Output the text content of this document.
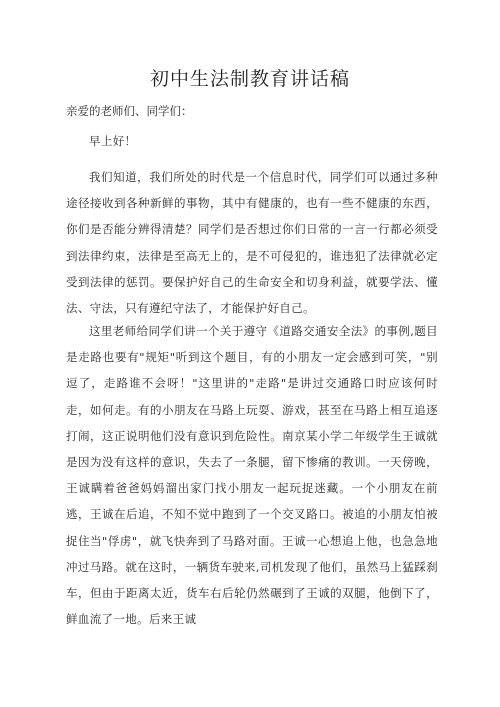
初中生法制教育讲话稿

亲爱的老师们、同学们：

早上好！

我们知道，我们所处的时代是一个信息时代，同学们可以通过多种途径接收到各种新鲜的事物，其中有健康的，也有一些不健康的东西，你们是否能分辨得清楚？同学们是否想过你们日常的一言一行都必须受到法律约束，法律是至高无上的，是不可侵犯的，谁违犯了法律就必定受到法律的惩罚。要保护好自己的生命安全和切身利益，就要学法、懂法、守法，只有遵纪守法了，才能保护好自己。

这里老师给同学们讲一个关于遵守《道路交通安全法》的事例,题目是走路也要有"规矩"听到这个题目，有的小朋友一定会感到可笑，"别逗了，走路谁不会呀！"这里讲的"走路"是讲过交通路口时应该何时走，如何走。有的小朋友在马路上玩耍、游戏，甚至在马路上相互追逐打闹，这正说明他们没有意识到危险性。南京某小学二年级学生王诚就是因为没有这样的意识，失去了一条腿，留下惨痛的教训。一天傍晚，王诚瞒着爸爸妈妈溜出家门找小朋友一起玩捉迷藏。一个小朋友在前逃，王诚在后追，不知不觉中跑到了一个交叉路口。被追的小朋友怕被捉住当"俘虏"，就飞快奔到了马路对面。王诚一心想追上他，也急急地冲过马路。就在这时，一辆货车驶来,司机发现了他们，虽然马上猛踩刹车，但由于距离太近，货车右后轮仍然碾到了王诚的双腿，他倒下了，鲜血流了一地。后来王诚
